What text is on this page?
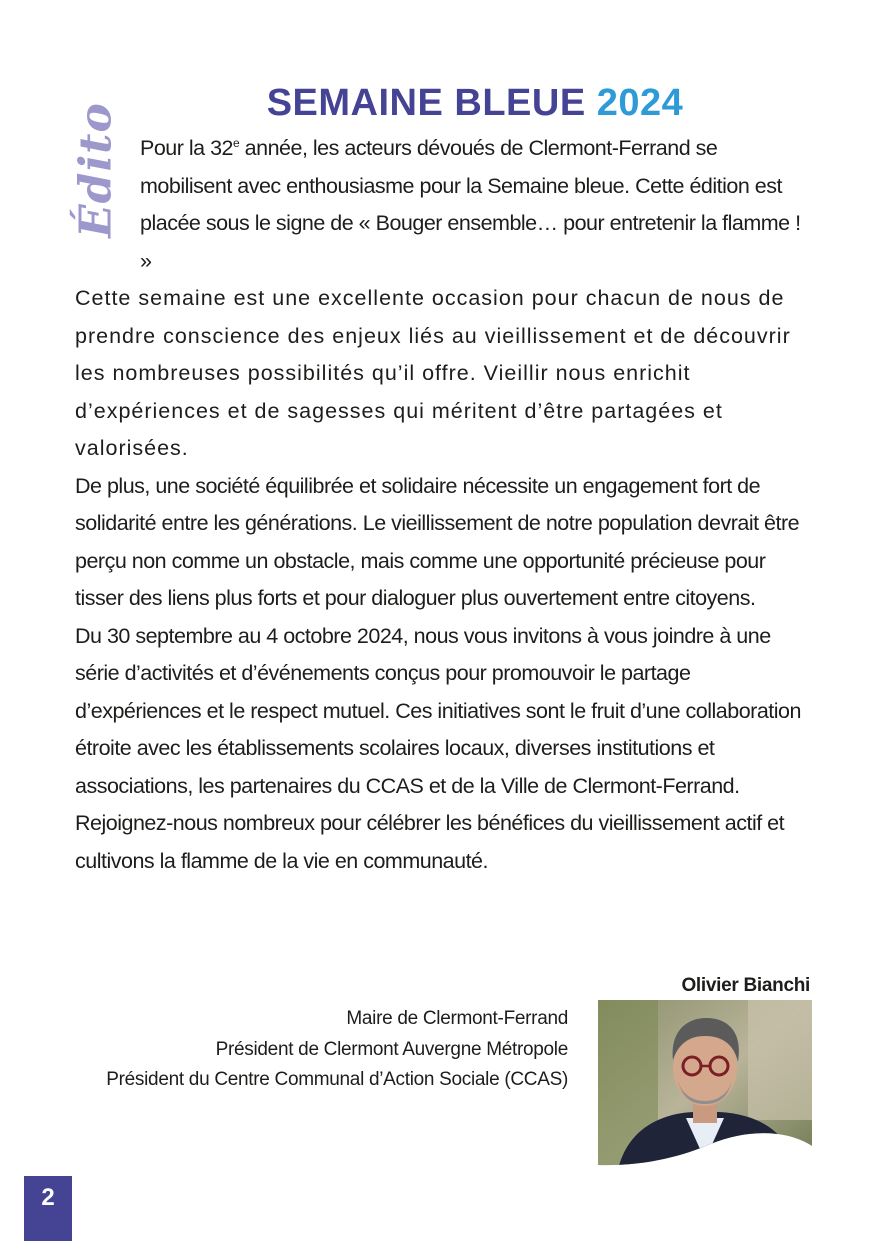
Édito	SEMAINE BLEUE 2024

Pour la 32e année, les acteurs dévoués de Clermont-Ferrand se mobilisent avec enthousiasme pour la Semaine bleue. Cette édition est placée sous le signe de « Bouger ensemble… pour entretenir la flamme ! »

Cette semaine est une excellente occasion pour chacun de nous de prendre conscience des enjeux liés au vieillissement et de découvrir les nombreuses possibilités qu’il offre. Vieillir nous enrichit d’expériences et de sagesses qui méritent d’être partagées et valorisées.

De plus, une société équilibrée et solidaire nécessite un engagement fort de solidarité entre les générations. Le vieillissement de notre population devrait être perçu non comme un obstacle, mais comme une opportunité précieuse pour tisser des liens plus forts et pour dialoguer plus ouvertement entre citoyens.

Du 30 septembre au 4 octobre 2024, nous vous invitons à vous joindre à une série d’activités et d’événements conçus pour promouvoir le partage d’expériences et le respect mutuel. Ces initiatives sont le fruit d’une collaboration étroite avec les établissements scolaires locaux, diverses institutions et associations, les partenaires du CCAS et de la Ville de Clermont-Ferrand.

Rejoignez-nous nombreux pour célébrer les bénéfices du vieillissement actif et cultivons la flamme de la vie en communauté.

Olivier Bianchi

Maire de Clermont-Ferrand
Président de Clermont Auvergne Métropole
Président du Centre Communal d’Action Sociale (CCAS)
2
